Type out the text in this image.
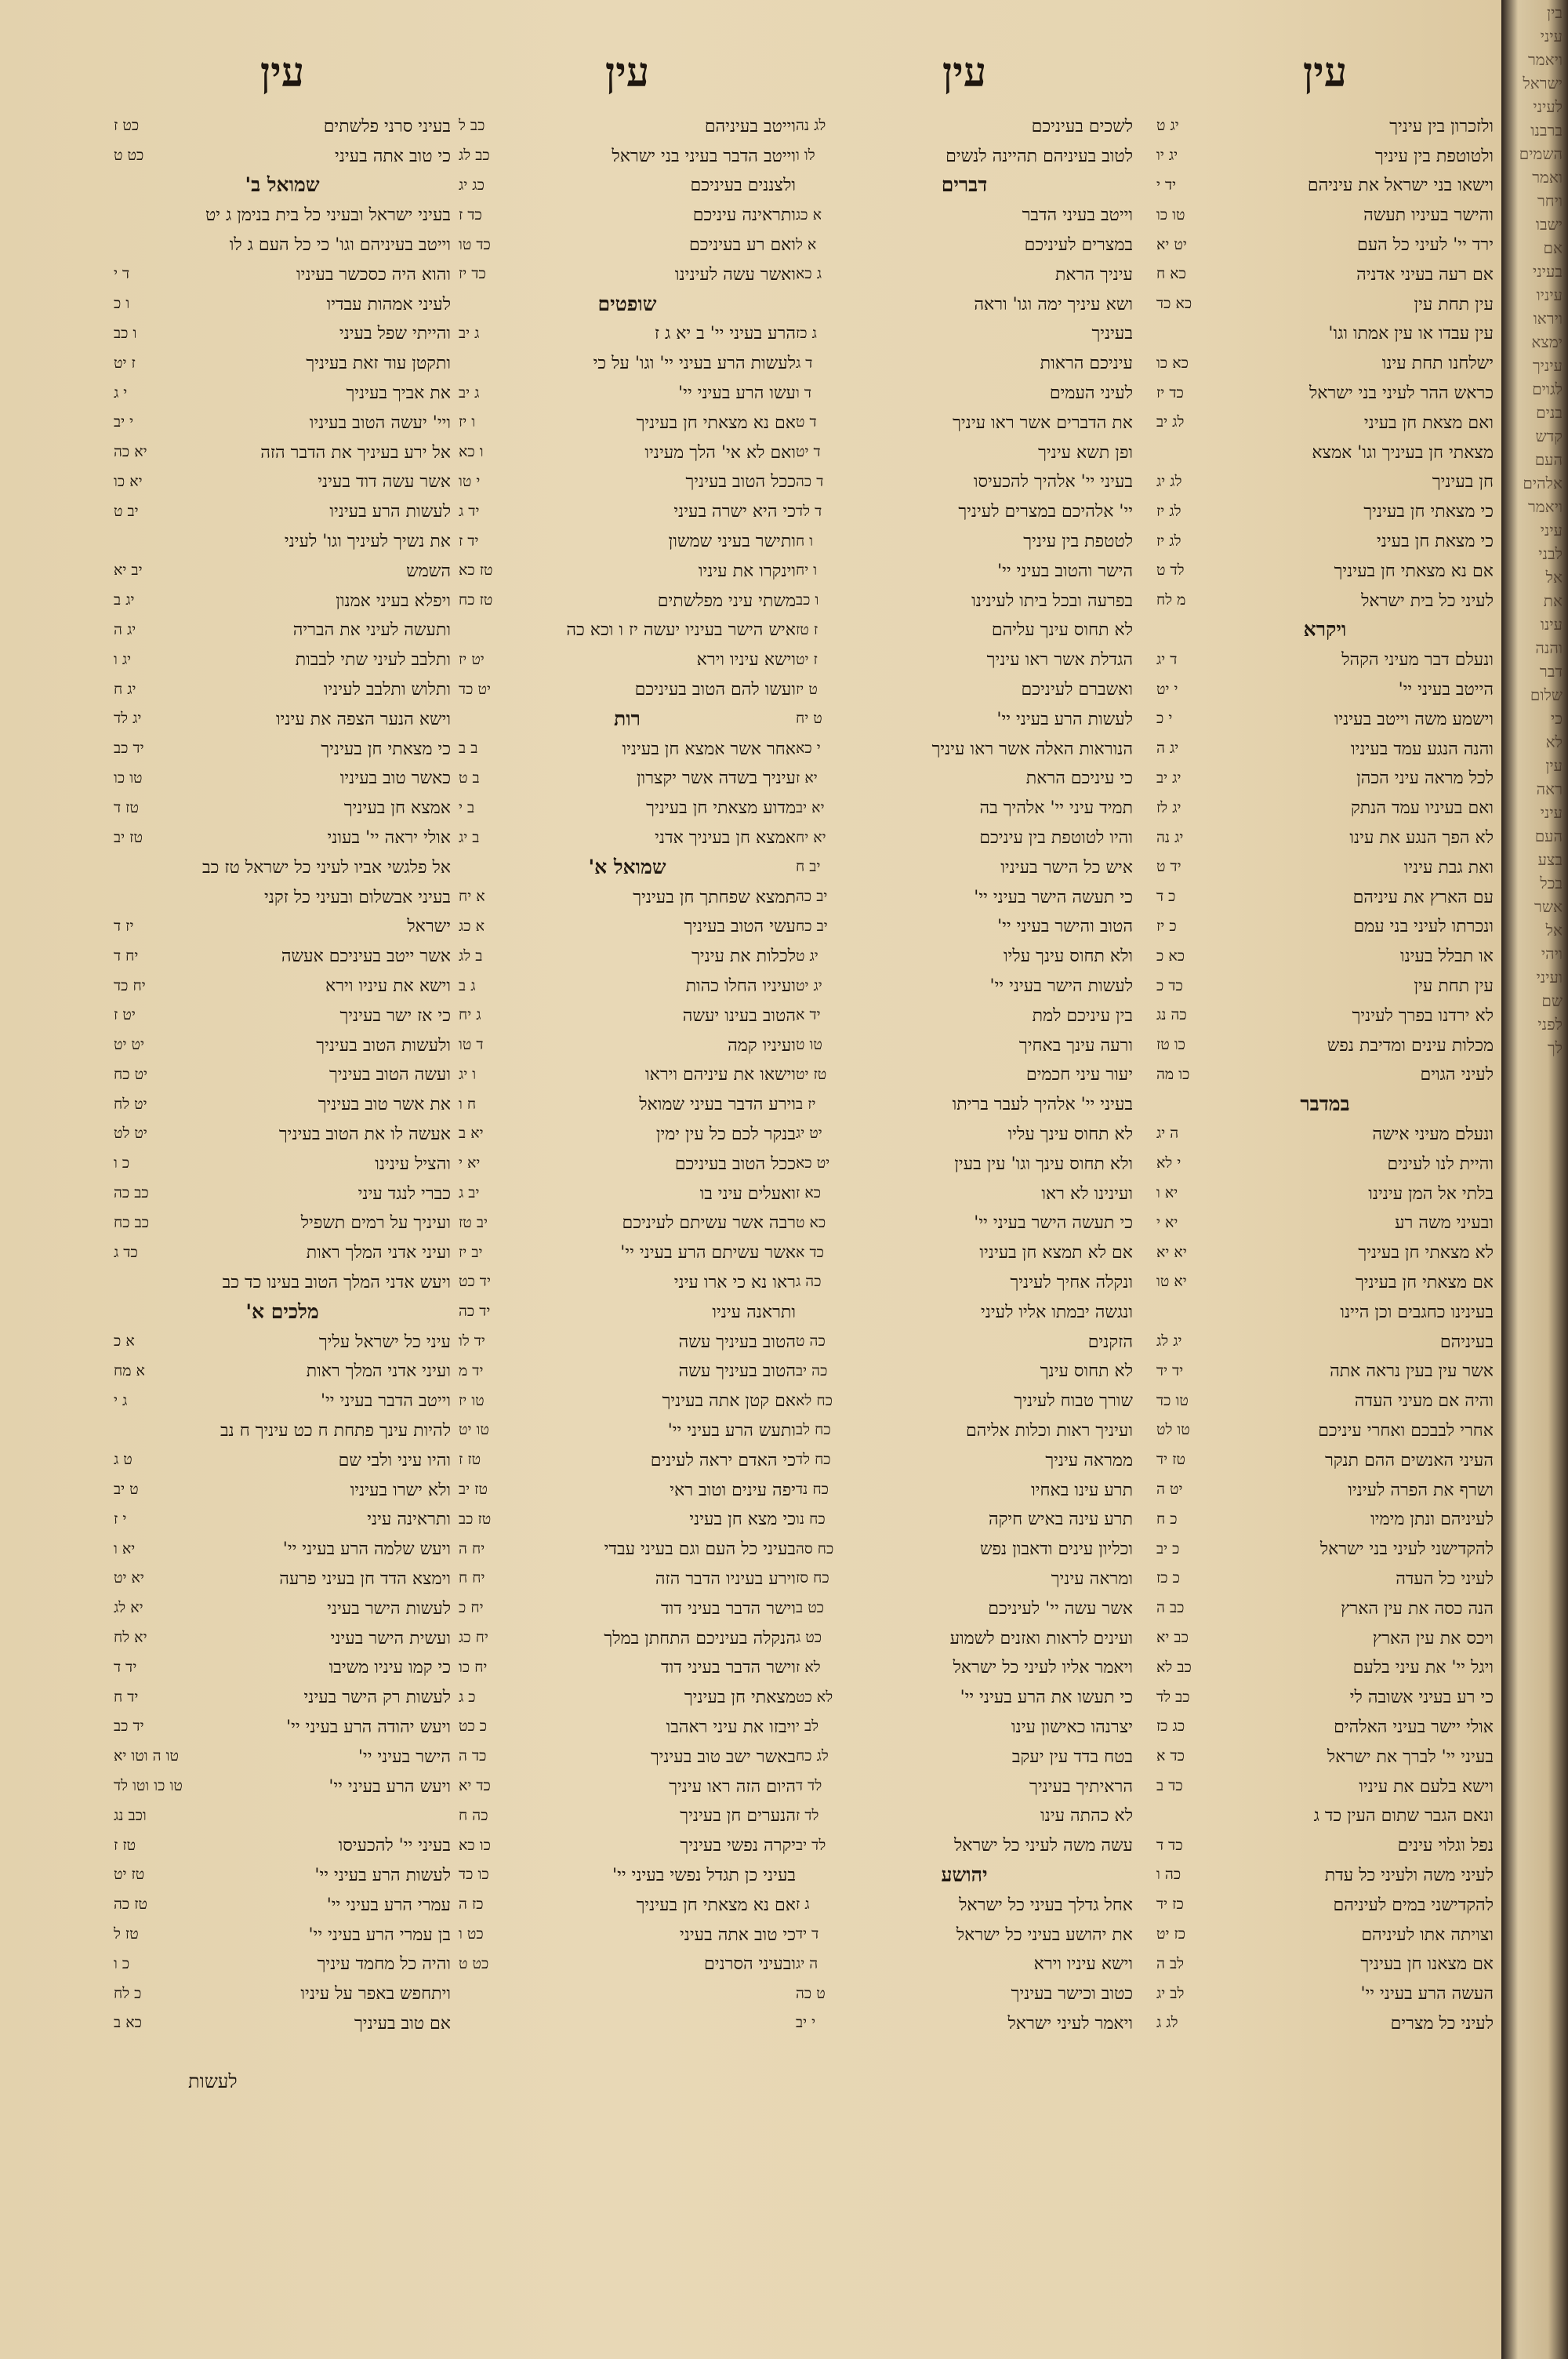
עין
ולזכרון בין עיניך
יג ט
ולטוטפת בין עיניך
יג יו
וישאו בני ישראל את עיניהם
יד י
והישר בעיניו תעשה
טו כו
ירד יי' לעיני כל העם
יט יא
אם רעה בעיני אדניה
כא ח
עין תחת עין
כא כד
עין עבדו או עין אמתו וגו'
ישלחנו תחת עינו
כא כו
כראש ההר לעיני בני ישראל
כד יז
ואם מצאת חן בעיני
לג יב
מצאתי חן בעיניך וגו' אמצא
חן בעיניך
לג יג
כי מצאתי חן בעיניך
לג יז
כי מצאת חן בעיני
לג יז
אם נא מצאתי חן בעיניך
לד ט
לעיני כל בית ישראל
מ לח
ויקרא
ונעלם דבר מעיני הקהל
ד יג
הייטב בעיני יי'
י יט
וישמע משה וייטב בעיניו
י כ
והנה הנגע עמד בעיניו
יג ה
לכל מראה עיני הכהן
יג יב
ואם בעיניו עמד הנתק
יג לז
לא הפך הנגע את עינו
יג נה
ואת גבת עיניו
יד ט
עם הארץ את עיניהם
כ ד
ונכרתו לעיני בני עמם
כ יז
או תבלל בעינו
כא כ
עין תחת עין
כד כ
לא ירדנו בפרך לעיניך
כה נג
מכלות עינים ומדיבת נפש
כו טז
לעיני הגוים
כו מה
במדבר
ונעלם מעיני אישה
ה יג
והיית לנו לעינים
י לא
בלתי אל המן עינינו
יא ו
ובעיני משה רע
יא י
לא מצאתי חן בעיניך
יא יא
אם מצאתי חן בעיניך
יא טו
בעינינו כחגבים וכן היינו
בעיניהם
יג לג
אשר עין בעין נראה אתה
יד יד
והיה אם מעיני העדה
טו כד
אחרי לבבכם ואחרי עיניכם
טו לט
העיני האנשים ההם תנקר
טז יד
ושרף את הפרה לעיניו
יט ה
לעיניהם ונתן מימיו
כ ח
להקדישני לעיני בני ישראל
כ יב
לעיני כל העדה
כ כז
הנה כסה את עין הארץ
כב ה
ויכס את עין הארץ
כב יא
ויגל יי' את עיני בלעם
כב לא
כי רע בעיני אשובה לי
כב לד
אולי יישר בעיני האלהים
כג כז
בעיני יי' לברך את ישראל
כד א
וישא בלעם את עיניו
כד ב
ונאם הגבר שתום העין כד ג
נפל וגלוי עינים
כד ד
לעיני משה ולעיני כל עדת
כה ו
להקדישני במים לעיניהם
כז יד
וצויתה אתו לעיניהם
כז יט
אם מצאנו חן בעיניך
לב ה
העשה הרע בעיני יי'
לב יג
לעיני כל מצרים
לג ג
עין
לשכים בעיניכם
לג נה
לטוב בעיניהם תהיינה לנשים
לו ו
דברים
וייטב בעיני הדבר
א כג
במצרים לעיניכם
א ל
עיניך הראת
ג כא
ושא עיניך ימה וגו' וראה
בעיניך
ג כז
עיניכם הראות
ד ג
לעיני העמים
ד ו
את הדברים אשר ראו עיניך
ד ט
ופן תשא עיניך
ד יט
בעיני יי' אלהיך להכעיסו
ד כה
יי' אלהיכם במצרים לעיניך
ד לד
לטטפת בין עיניך
ו ח
הישר והטוב בעיני יי'
ו יח
בפרעה ובכל ביתו לעינינו
ו כב
לא תחוס עינך עליהם
ז טז
הגדלת אשר ראו עיניך
ז יט
ואשברם לעיניכם
ט יז
לעשות הרע בעיני יי'
ט יח
הנוראות האלה אשר ראו עיניך
י כא
כי עיניכם הראת
יא ז
תמיד עיני יי' אלהיך בה
יא יב
והיו לטוטפת בין עיניכם
יא יח
איש כל הישר בעיניו
יב ח
כי תעשה הישר בעיני יי'
יב כה
הטוב והישר בעיני יי'
יב כח
ולא תחוס עינך עליו
יג ט
לעשות הישר בעיני יי'
יג יט
בין עיניכם למת
יד א
ורעה עינך באחיך
טו ט
יעור עיני חכמים
טז יט
בעיני יי' אלהיך לעבר בריתו
יז ב
לא תחוס עינך עליו
יט יג
ולא תחוס עינך וגו' עין בעין
יט כא
ועינינו לא ראו
כא ז
כי תעשה הישר בעיני יי'
כא ט
אם לא תמצא חן בעיניו
כד א
ונקלה אחיך לעיניך
כה ג
ונגשה יבמתו אליו לעיני
הזקנים
כה ט
לא תחוס עינך
כה יב
שורך טבוח לעיניך
כח לא
ועיניך ראות וכלות אליהם
כח לב
ממראה עיניך
כח לד
תרע עינו באחיו
כח נד
תרע עינה באיש חיקה
כח נו
וכליון עינים ודאבון נפש
כח סה
ומראה עיניך
כח סז
אשר עשה יי' לעיניכם
כט ב
ועינים לראות ואזנים לשמוע
כט ג
ויאמר אליו לעיני כל ישראל
לא ז
כי תעשו את הרע בעיני יי'
לא כט
יצרנהו כאישון עינו
לב י
בטח בדד עין יעקב
לג כח
הראיתיך בעיניך
לד ד
לא כהתה עינו
לד ז
עשה משה לעיני כל ישראל
לד יב
יהושע
אחל גדלך בעיני כל ישראל
ג ז
את יהושע בעיני כל ישראל
ד יד
וישא עיניו וירא
ה יג
כטוב וכישר בעיניך
ט כה
ויאמר לעיני ישראל
י יב
עין
וייטב בעיניהם
כב ל
וייטב הדבר בעיני בני ישראל
כב לג
ולצננים בעיניכם
כג יג
ותראינה עיניכם
כד ז
ואם רע בעיניכם
כד טו
ואשר עשה לעינינו
כד יז
שופטים
הרע בעיני יי' ב יא ג ז
ג יב
לעשות הרע בעיני יי' וגו' על כי
עשו הרע בעיני יי'
ג יב
אם נא מצאתי חן בעיניך
ו יז
ואם לא אי' הלך מעיניו
ו כא
ככל הטוב בעיניך
י טו
כי היא ישרה בעיני
יד ג
ותישר בעיני שמשון
יד ז
וינקרו את עיניו
טז כא
משתי עיני מפלשתים
טז כח
איש הישר בעיניו יעשה יז ו וכא כה
וישא עיניו וירא
יט יז
ועשו להם הטוב בעיניכם
יט כד
רות
אחר אשר אמצא חן בעיניו
ב ב
עיניך בשדה אשר יקצרון
ב ט
מדוע מצאתי חן בעיניך
ב י
אמצא חן בעיניך אדני
ב יג
שמואל א'
תמצא שפחתך חן בעיניך
א יח
עשי הטוב בעיניך
א כג
לכלות את עיניך
ב לג
ועיניו החלו כהות
ג ב
הטוב בעינו יעשה
ג יח
ועיניו קמה
ד טו
וישאו את עיניהם ויראו
ו יג
וירע הדבר בעיני שמואל
ח ו
בנקר לכם כל עין ימין
יא ב
ככל הטוב בעיניכם
יא י
ואעלים עיני בו
יב ג
רבה אשר עשיתם לעיניכם
יב טז
אשר עשיתם הרע בעיני יי'
יב יז
ראו נא כי ארו עיני
יד כט
ותראנה עיניו
יד כה
הטוב בעיניך עשה
יד לו
הטוב בעיניך עשה
יד מ
אם קטן אתה בעיניך
טו יז
ותעש הרע בעיני יי'
טו יט
כי האדם יראה לעינים
טז ז
יפה עינים וטוב ראי
טז יב
כי מצא חן בעיני
טז כב
בעיני כל העם וגם בעיני עבדי
יח ה
וירע בעיניו הדבר הזה
יח ח
וישר הדבר בעיני דוד
יח כ
הנקלה בעיניכם התחתן במלך
יח כג
וישר הדבר בעיני דוד
יח כו
מצאתי חן בעיניך
כ ג
ויבזו את עיני ראהבו
כ כט
באשר ישב טוב בעיניך
כד ה
היום הזה ראו עיניך
כד יא
הנערים חן בעיניך
כה ח
יקרה נפשי בעיניך
כו כא
בעיני כן תגדל נפשי בעיני יי'
כו כד
אם נא מצאתי חן בעיניך
כז ה
כי טוב אתה בעיני
כט ו
ובעיני הסרנים
כט ט
עין
בעיני סרני פלשתים
כט ז
כי טוב אתה בעיני
כט ט
שמואל ב'
בעיני ישראל ובעיני כל בית בנימן ג יט
וייטב בעיניהם וגו' כי כל העם ג לו
והוא היה כסכשר בעיניו
ד י
לעיני אמהות עבדיו
ו כ
והייתי שפל בעיני
ו כב
ותקטן עוד זאת בעיניך
ז יט
את אביך בעיניך
י ג
ויי' יעשה הטוב בעיניו
י יב
אל ירע בעיניך את הדבר הזה
יא כה
אשר עשה דוד בעיני
יא כו
לעשות הרע בעיניו
יב ט
את נשיך לעיניך וגו' לעיני
השמש
יב יא
ויפלא בעיני אמנון
יג ב
ותעשה לעיני את הבריה
יג ה
ותלבב לעיני שתי לבבות
יג ו
ותלוש ותלבב לעיניו
יג ח
וישא הנער הצפה את עיניו
יג לד
כי מצאתי חן בעיניך
יד כב
כאשר טוב בעיניו
טו כו
אמצא חן בעיניך
טז ד
אולי יראה יי' בעוני
טז יב
אל פלגשי אביו לעיני כל ישראל טז כב
בעיני אבשלום ובעיני כל זקני
ישראל
יז ד
אשר ייטב בעיניכם אעשה
יח ד
וישא את עיניו וירא
יח כד
כי אז ישר בעיניך
יט ז
ולעשות הטוב בעיניך
יט יט
ועשה הטוב בעיניך
יט כח
את אשר טוב בעיניך
יט לח
אעשה לו את הטוב בעיניך
יט לט
והציל עינינו
כ ו
כברי לנגד עיני
כב כה
ועיניך על רמים תשפיל
כב כח
ועיני אדני המלך ראות
כד ג
ויעש אדני המלך הטוב בעינו כד כב
מלכים א'
עיני כל ישראל עליך
א כ
ועיני אדני המלך ראות
א מח
וייטב הדבר בעיני יי'
ג י
להיות עינך פתחת ח כט עיניך ח נב
והיו עיני ולבי שם
ט ג
ולא ישרו בעיניו
ט יב
ותראינה עיני
י ז
ויעש שלמה הרע בעיני יי'
יא ו
וימצא הדד חן בעיני פרעה
יא יט
לעשות הישר בעיני
יא לג
ועשית הישר בעיני
יא לח
כי קמו עיניו משיבו
יד ד
לעשות רק הישר בעיני
יד ח
ויעש יהודה הרע בעיני יי'
יד כב
הישר בעיני יי'
טו ה וטו יא
ויעש הרע בעיני יי'
טו כו וטו לד
וכב נג
בעיני יי' להכעיסו
טז ז
לעשות הרע בעיני יי'
טז יט
עמרי הרע בעיני יי'
טז כה
בן עמרי הרע בעיני יי'
טז ל
והיה כל מחמד עיניך
כ ו
ויתחפש באפר על עיניו
כ לח
אם טוב בעיניך
כא ב
לעשות
בין
עיני
ויאמר
ישראל
לעיני
ברבנו
השמים
ואמר
ויחר
ישבו
אם
בעיני
עיניו
ויראו
ימצא
עיניך
לגוים
בנים
קדש
העם
אלהים
ויאמר
עיני
לבני
אל
את
עינו
והנה
דבר
שלום
כי
לא
עין
ראה
עיני
העם
בצע
בכל
אשר
אל
ויהי
ועיני
שם
לפני
לך
